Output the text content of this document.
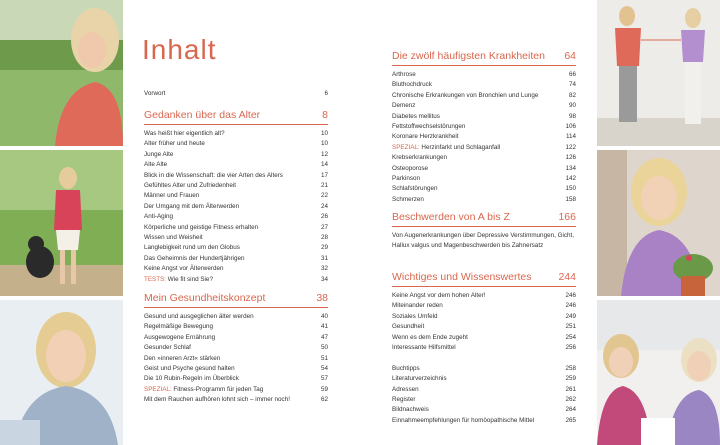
Inhalt
Vorwort	6
Gedanken über das Alter	8
Was heißt hier eigentlich alt?	10
Alter früher und heute	10
Junge Alte	12
Alte Alte	14
Blick in die Wissenschaft: die vier Arten des Alters	17
Gefühltes Alter und Zufriedenheit	21
Männer und Frauen	22
Der Umgang mit dem Älterwerden	24
Anti-Aging	26
Körperliche und geistige Fitness erhalten	27
Wissen und Weisheit	28
Langlebigkeit rund um den Globus	29
Das Geheimnis der Hundertjährigen	31
Keine Angst vor Älterwerden	32
TESTS: Wie fit sind Sie?	34
Mein Gesundheitskonzept	38
Gesund und ausgeglichen älter werden	40
Regelmäßige Bewegung	41
Ausgewogene Ernährung	47
Gesunder Schlaf	50
Den »inneren Arzt« stärken	51
Geist und Psyche gesund halten	54
Die 10 Rubin-Regeln im Überblick	57
SPEZIAL: Fitness-Programm für jeden Tag	59
Mit dem Rauchen aufhören lohnt sich – immer noch!	62
Die zwölf häufigsten Krankheiten 64
Arthrose	66
Bluthochdruck	74
Chronische Erkrankungen von Bronchien und Lunge	82
Demenz	90
Diabetes mellitus	98
Fettstoffwechselstörungen	106
Koronare Herzkrankheit	114
SPEZIAL: Herzinfarkt und Schlaganfall	122
Krebserkrankungen	126
Osteoporose	134
Parkinson	142
Schlafstörungen	150
Schmerzen	158
Beschwerden von A bis Z	166
Von Augenerkrankungen über Depressive Verstimmungen, Gicht, Hallux valgus und Magenbeschwerden bis Zahnersatz
Wichtiges und Wissenswertes	244
Keine Angst vor dem hohen Alter!	246
Miteinander reden	246
Soziales Umfeld	249
Gesundheit	251
Wenn es dem Ende zugeht	254
Interessante Hilfsmittel	256
Buchtipps	258
Literaturverzeichnis	259
Adressen	261
Register	262
Bildnachweis	264
Einnahmeempfehlungen für homöopathische Mittel	265
